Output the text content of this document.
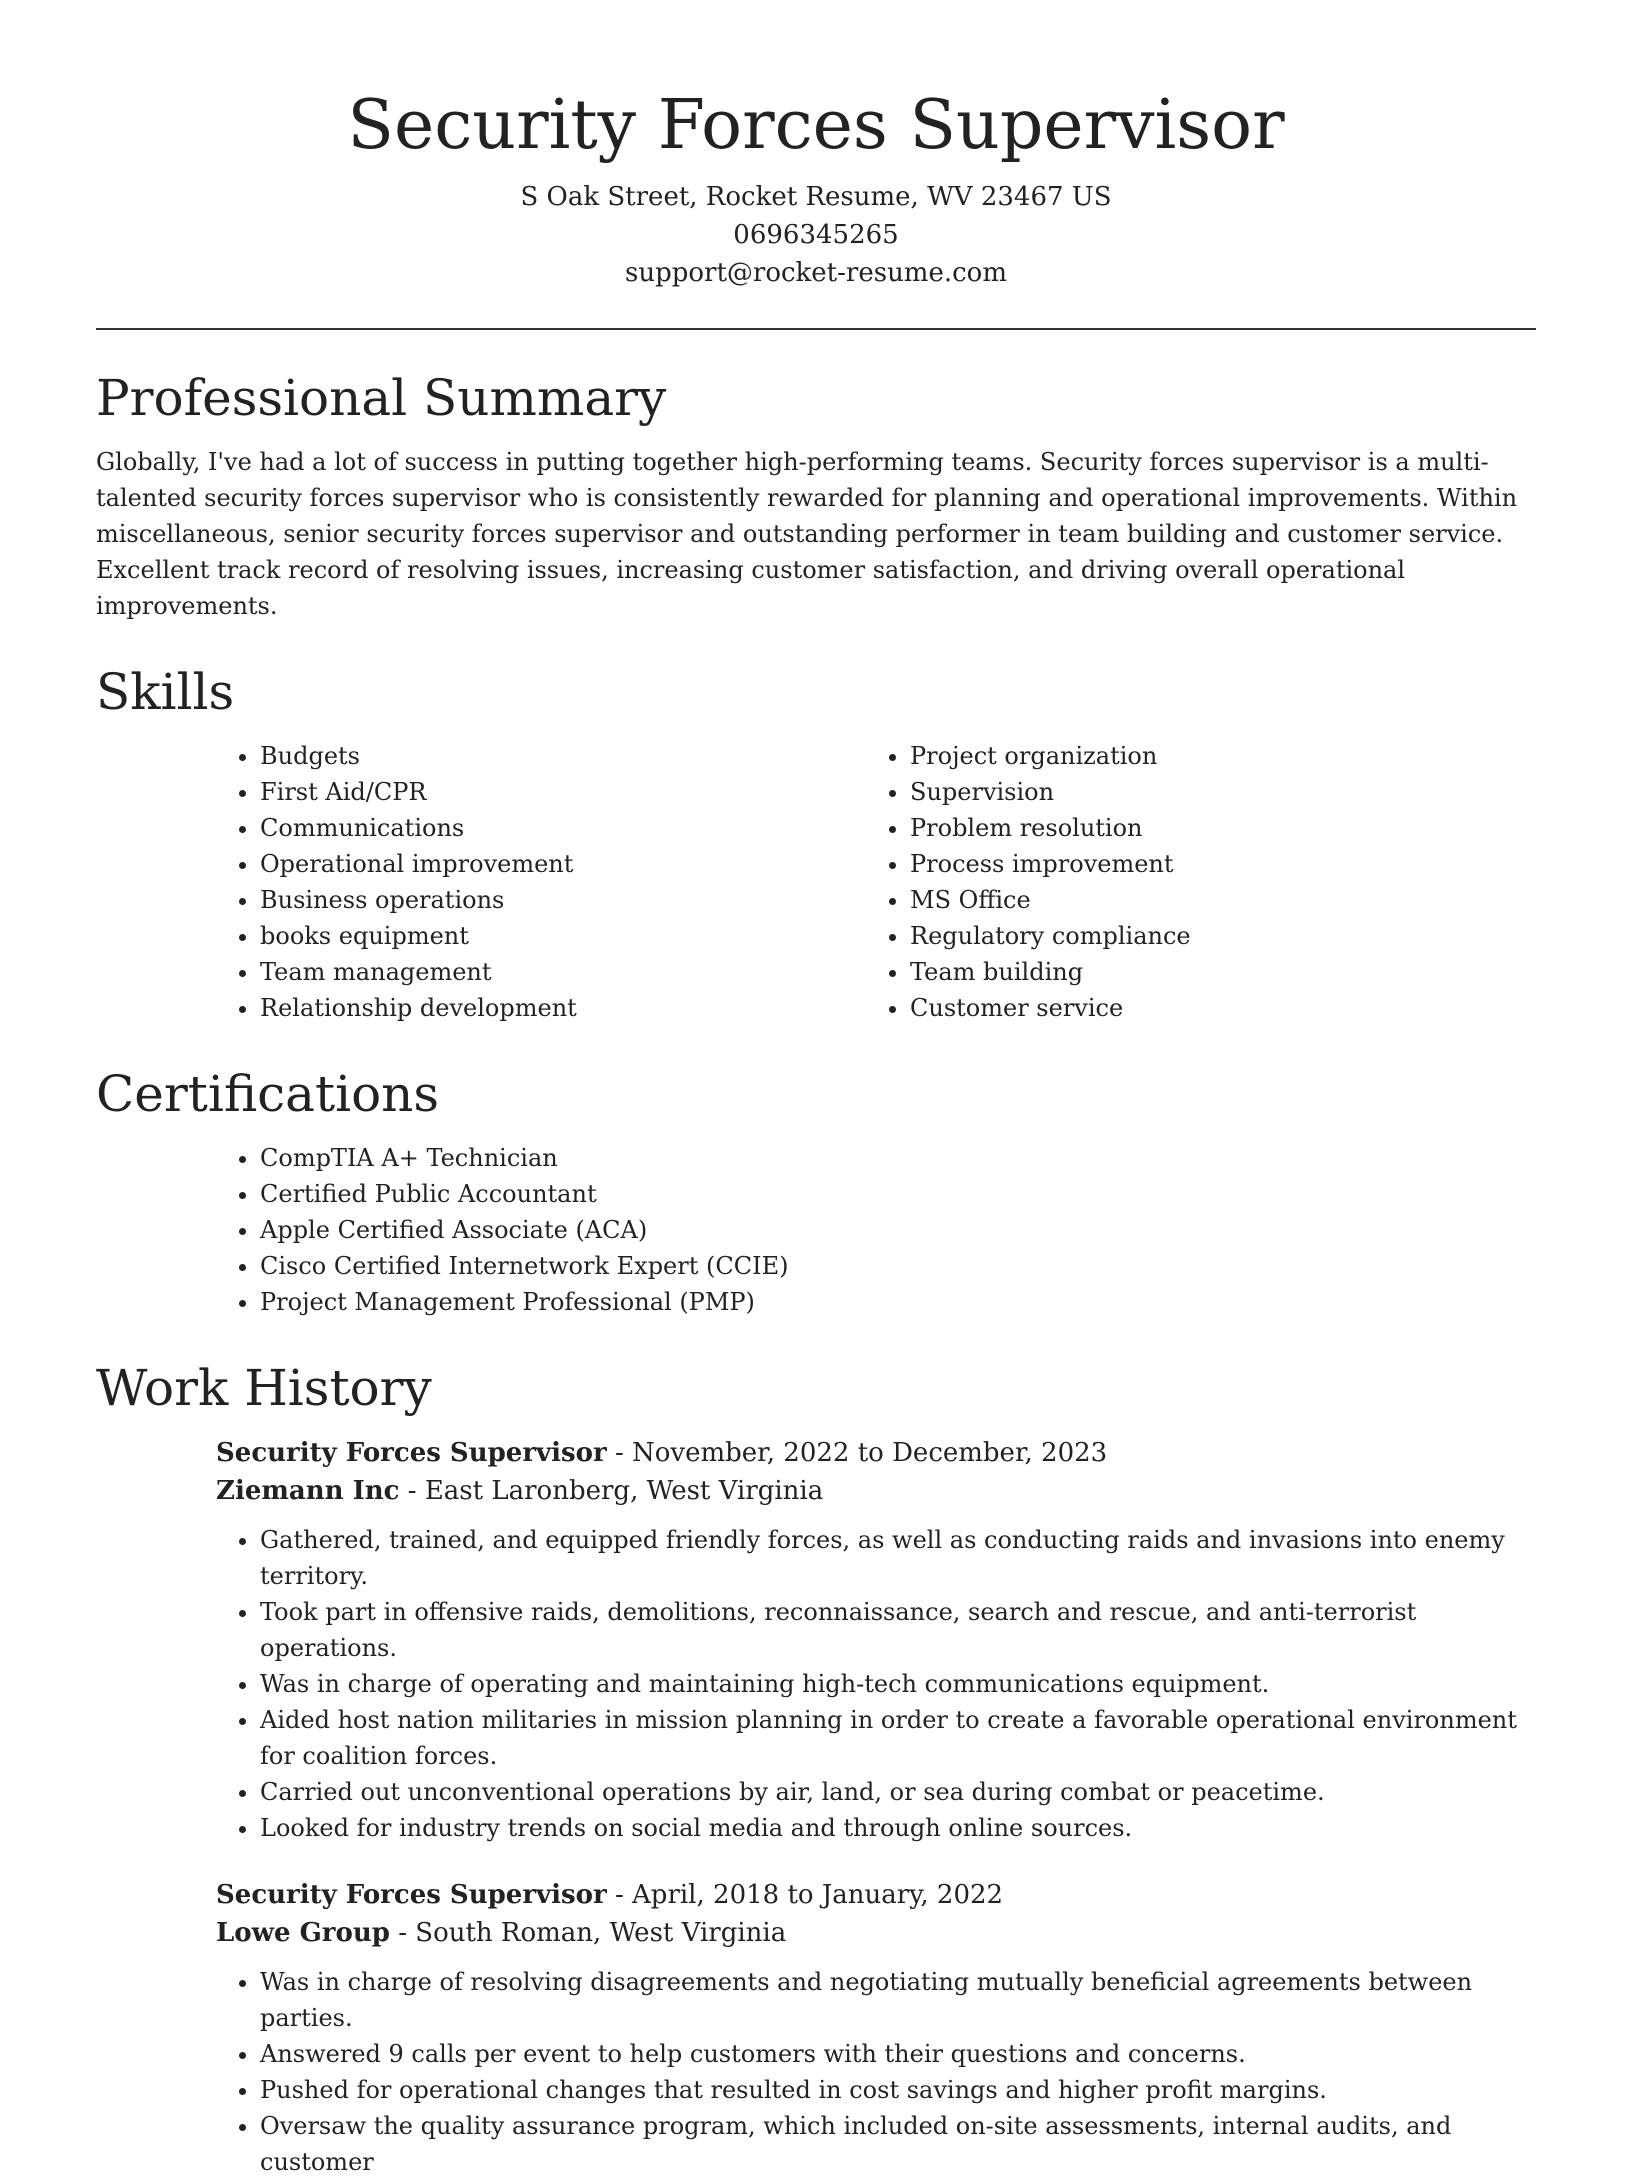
Security Forces Supervisor
S Oak Street, Rocket Resume, WV 23467 US
0696345265
support@rocket-resume.com
Professional Summary

Globally, I've had a lot of success in putting together high-performing teams. Security forces supervisor is a multi-talented security forces supervisor who is consistently rewarded for planning and operational improvements. Within miscellaneous, senior security forces supervisor and outstanding performer in team building and customer service. Excellent track record of resolving issues, increasing customer satisfaction, and driving overall operational improvements.

Skills
• Budgets
• First Aid/CPR
• Communications
• Operational improvement
• Business operations
• books equipment
• Team management
• Relationship development
• Project organization
• Supervision
• Problem resolution
• Process improvement
• MS Office
• Regulatory compliance
• Team building
• Customer service
Certifications
• CompTIA A+ Technician
• Certified Public Accountant
• Apple Certified Associate (ACA)
• Cisco Certified Internetwork Expert (CCIE)
• Project Management Professional (PMP)
Work History
Security Forces Supervisor - November, 2022 to December, 2023
Ziemann Inc - East Laronberg, West Virginia
• Gathered, trained, and equipped friendly forces, as well as conducting raids and invasions into enemy territory.
• Took part in offensive raids, demolitions, reconnaissance, search and rescue, and anti-terrorist operations.
• Was in charge of operating and maintaining high-tech communications equipment.
• Aided host nation militaries in mission planning in order to create a favorable operational environment for coalition forces.
• Carried out unconventional operations by air, land, or sea during combat or peacetime.
• Looked for industry trends on social media and through online sources.
Security Forces Supervisor - April, 2018 to January, 2022
Lowe Group - South Roman, West Virginia
• Was in charge of resolving disagreements and negotiating mutually beneficial agreements between parties.
• Answered 9 calls per event to help customers with their questions and concerns.
• Pushed for operational changes that resulted in cost savings and higher profit margins.
• Oversaw the quality assurance program, which included on-site assessments, internal audits, and customer
